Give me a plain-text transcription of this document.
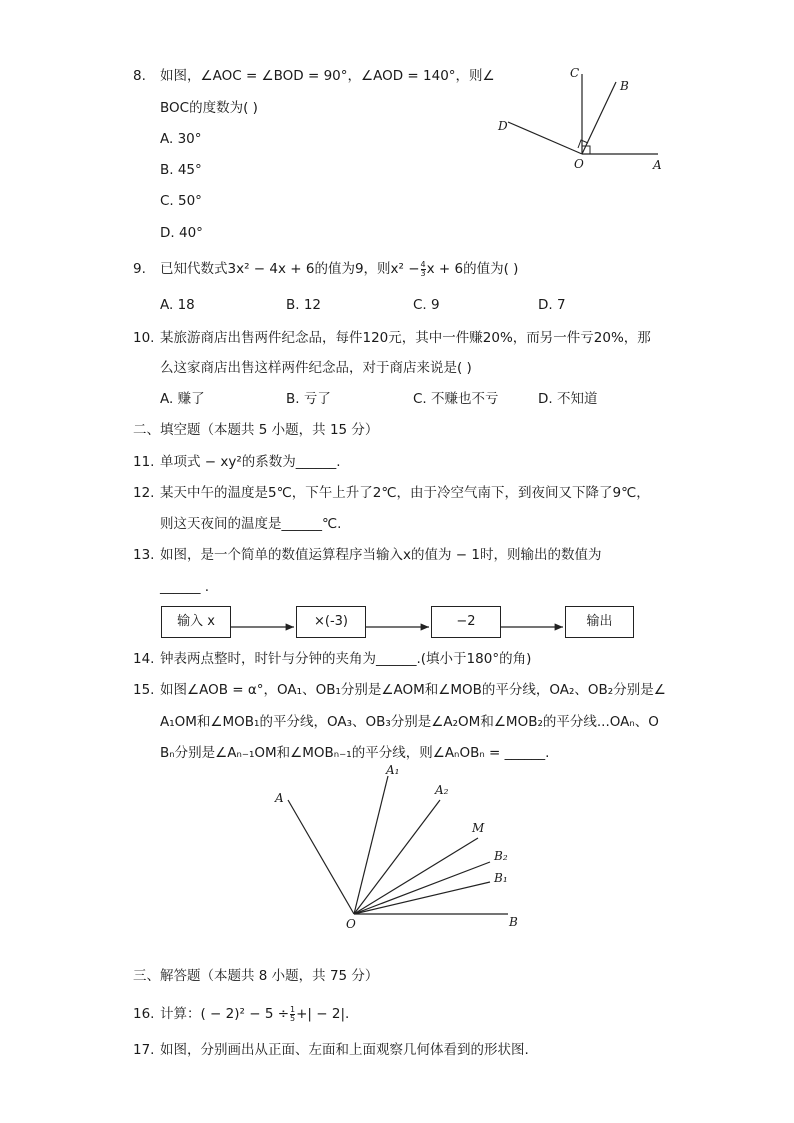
8. 如图，∠AOC = ∠BOD = 90°，∠AOD = 140°，则∠
BOC的度数为( )
A. 30°
B. 45°
C. 50°
D. 40°
C
B
D
O	A
9. 已知代数式3x² − 4x + 6的值为9，则$x^2 - \frac{4}{3}$ x + 6的值为( )
A. 18	B. 12	C. 9	D. 7
10. 某旅游商店出售两件纪念品，每件120元，其中一件赚20%，而另一件亏20%，那
么这家商店出售这样两件纪念品，对于商店来说是( )
A. 赚了	B. 亏了	C. 不赚也不亏	D. 不知道
二、填空题（本题共 5 小题，共 15 分）
11. 单项式 − xy²的系数为______.
12. 某天中午的温度是5℃，下午上升了2℃，由于冷空气南下，到夜间又下降了9℃，
则这天夜间的温度是______℃.
13. 如图，是一个简单的数值运算程序当输入x的值为 − 1时，则输出的数值为
______ .
输入 x	×(-3)	−2	输出
14. 钟表两点整时，时针与分钟的夹角为______.(填小于180°的角)
15. 如图∠AOB = α°，OA₁、OB₁分别是∠AOM和∠MOB的平分线，OA₂、OB₂分别是∠
A₁OM和∠MOB₁的平分线，OA₃、OB₃分别是∠A₂OM和∠MOB₂的平分线...OAₙ、O
Bₙ分别是∠Aₙ₋₁OM和∠MOBₙ₋₁的平分线，则∠AₙOBₙ = ______.
A
A₁
A₂
M
B₂
B₁
O	B
三、解答题（本题共 8 小题，共 75 分）
16. 计算：( − $2)^2 - 5 \div \frac{1}{5}$ +| − 2|.
17. 如图，分别画出从正面、左面和上面观察几何体看到的形状图.
